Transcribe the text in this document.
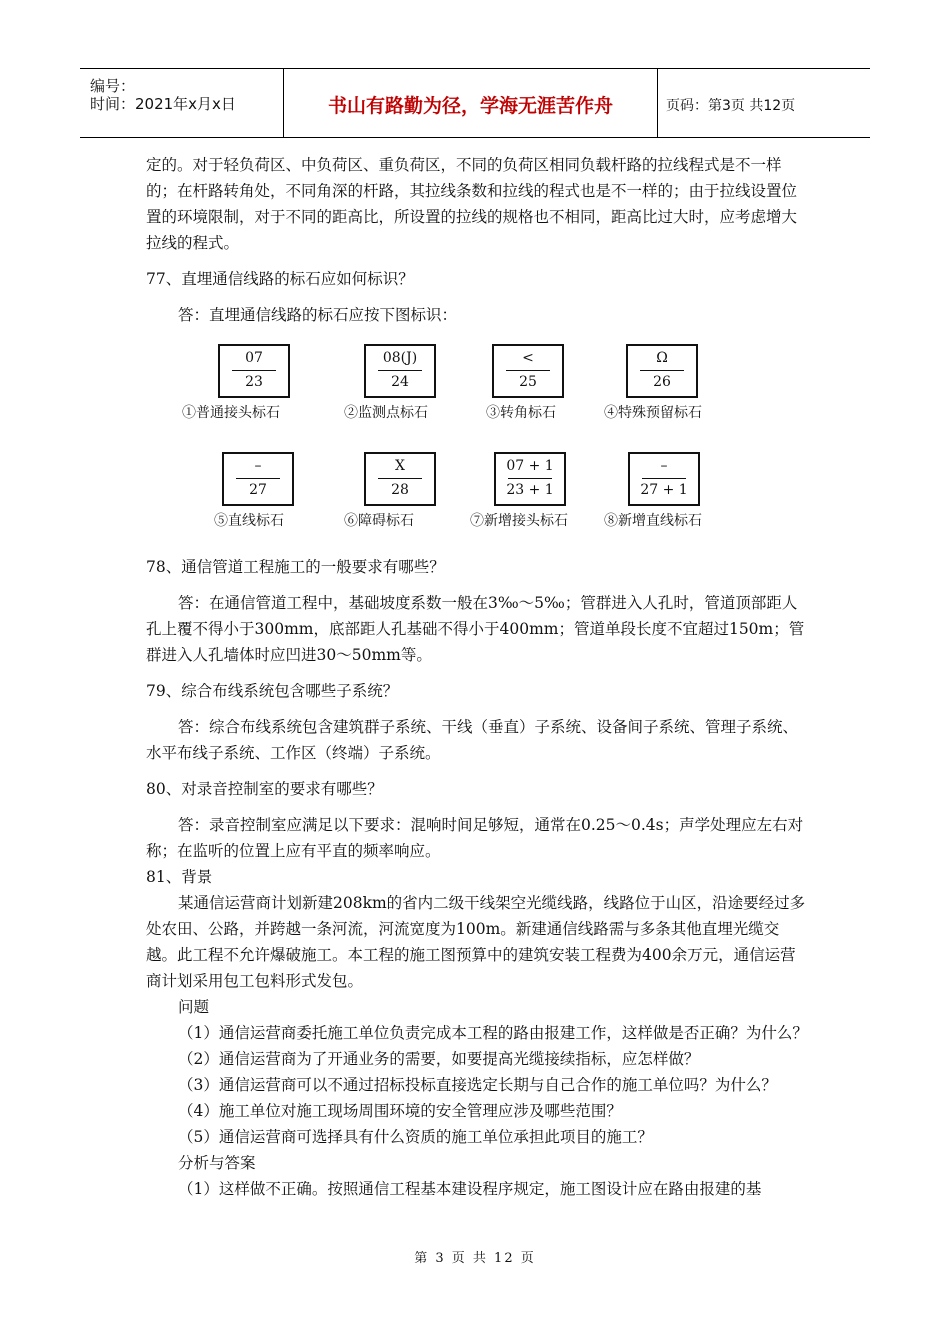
编号：
时间：2021年x月x日	书山有路勤为径，学海无涯苦作舟	页码：第3页 共12页

定的。对于轻负荷区、中负荷区、重负荷区，不同的负荷区相同负载杆路的拉线程式是不一样的；在杆路转角处，不同角深的杆路，其拉线条数和拉线的程式也是不一样的；由于拉线设置位置的环境限制，对于不同的距高比，所设置的拉线的规格也不相同，距高比过大时，应考虑增大拉线的程式。

77、直埋通信线路的标石应如何标识？

答：直埋通信线路的标石应按下图标识：

07
23
①普通接头标石
08(J)
24
②监测点标石
<
25
③转角标石
Ω
26
④特殊预留标石
–
27
⑤直线标石
X
28
⑥障碍标石
07 + 1
23 + 1
⑦新增接头标石
–
27 + 1
⑧新增直线标石

78、通信管道工程施工的一般要求有哪些？

答：在通信管道工程中，基础坡度系数一般在3‰～5‰；管群进入人孔时，管道顶部距人孔上覆不得小于300mm，底部距人孔基础不得小于400mm；管道单段长度不宜超过150m；管群进入人孔墙体时应凹进30～50mm等。

79、综合布线系统包含哪些子系统？

答：综合布线系统包含建筑群子系统、干线（垂直）子系统、设备间子系统、管理子系统、水平布线子系统、工作区（终端）子系统。

80、对录音控制室的要求有哪些？

答：录音控制室应满足以下要求：混响时间足够短，通常在0.25～0.4s；声学处理应左右对称；在监听的位置上应有平直的频率响应。

81、背景

某通信运营商计划新建208km的省内二级干线架空光缆线路，线路位于山区，沿途要经过多处农田、公路，并跨越一条河流，河流宽度为100m。新建通信线路需与多条其他直埋光缆交越。此工程不允许爆破施工。本工程的施工图预算中的建筑安装工程费为400余万元，通信运营商计划采用包工包料形式发包。

问题

（1）通信运营商委托施工单位负责完成本工程的路由报建工作，这样做是否正确？为什么？

（2）通信运营商为了开通业务的需要，如要提高光缆接续指标，应怎样做？

（3）通信运营商可以不通过招标投标直接选定长期与自己合作的施工单位吗？为什么？

（4）施工单位对施工现场周围环境的安全管理应涉及哪些范围？

（5）通信运营商可选择具有什么资质的施工单位承担此项目的施工？

分析与答案

（1）这样做不正确。按照通信工程基本建设程序规定，施工图设计应在路由报建的基

第 3 页 共 12 页
